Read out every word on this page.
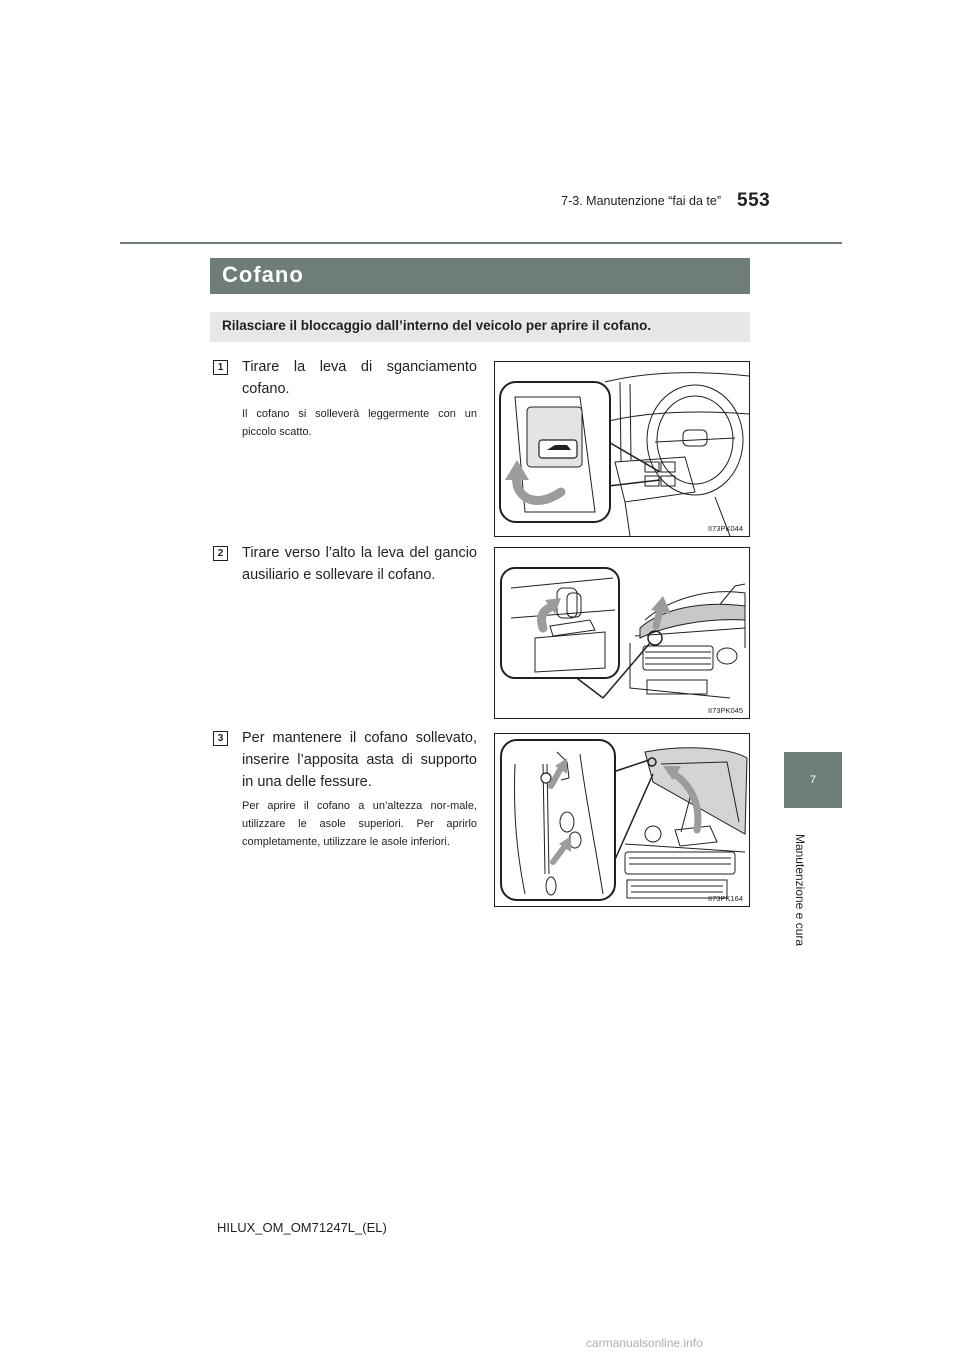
553
7-3. Manutenzione “fai da te”
7
Manutenzione e cura
Cofano
Rilasciare il bloccaggio dall’interno del veicolo per aprire il cofano.
1 Tirare la leva di sganciamento cofano.
Il cofano si solleverà leggermente con un piccolo scatto.
II73PK044
2 Tirare verso l’alto la leva del gancio ausiliario e sollevare il cofano.
II73PK045
3 Per mantenere il cofano sollevato, inserire l’apposita asta di supporto in una delle fessure.
Per aprire il cofano a un’altezza nor-male, utilizzare le asole superiori. Per aprirlo completamente, utilizzare le asole inferiori.
II73PK164
HILUX_OM_OM71247L_(EL)
carmanualsonline.info
